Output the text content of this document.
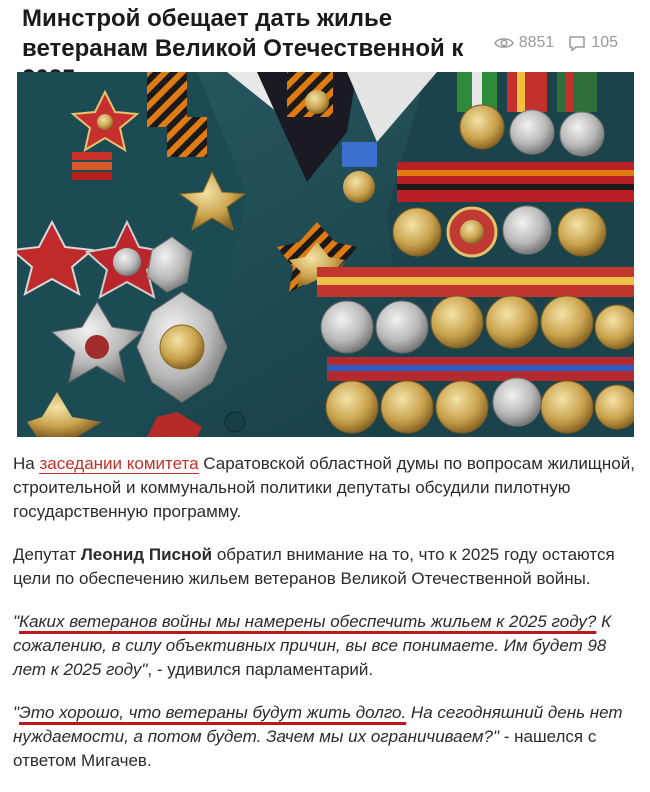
Минстрой обещает дать жилье ветеранам Великой Отечественной к	8851 105

На заседании комитета Саратовской областной думы по вопросам жилищной, строительной и коммунальной политики депутаты обсудили пилотную государственную программу.

Депутат Леонид Писной обратил внимание на то, что к 2025 году остаются цели по обеспечению жильем ветеранов Великой Отечественной войны.

"Каких ветеранов войны мы намерены обеспечить жильем к 2025 году? К сожалению, в силу объективных причин, вы все понимаете. Им будет 98 лет к 2025 году", - удивился парламентарий.

"Это хорошо, что ветераны будут жить долго. На сегодняшний день нет нуждаемости, а потом будет. Зачем мы их ограничиваем?" - нашелся с ответом Мигачев.
